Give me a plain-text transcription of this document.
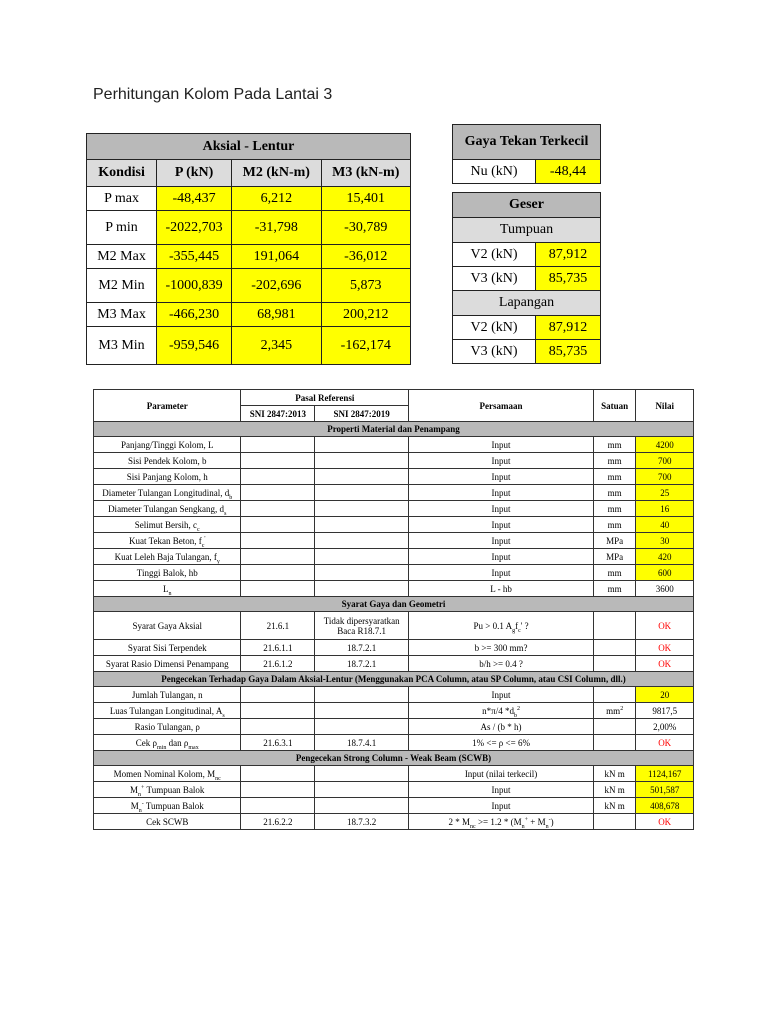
Perhitungan Kolom Pada Lantai 3
Aksial - Lentur			
Kondisi	P (kN)	M2 (kN-m)	M3 (kN-m)
P max	-48,437	6,212	15,401
P min	-2022,703	-31,798	-30,789
M2 Max	-355,445	191,064	-36,012
M2 Min	-1000,839	-202,696	5,873
M3 Max	-466,230	68,981	200,212
M3 Min	-959,546	2,345	-162,174
Gaya Tekan Terkecil
Nu (kN)	-48,44
Geser	
Tumpuan	
V2 (kN)	87,912
V3 (kN)	85,735
Lapangan	
V2 (kN)	87,912
V3 (kN)	85,735
Parameter	Pasal Referensi		Persamaan	Satuan	Nilai
	SNI 2847:2013	SNI 2847:2019			
Properti Material dan Penampang					
Panjang/Tinggi Kolom, L			Input	mm	4200
Sisi Pendek Kolom, b			Input	mm	700
Sisi Panjang Kolom, h			Input	mm	700
Diameter Tulangan Longitudinal, $d_b$			Input	mm	25
Diameter Tulangan Sengkang, $d_s$			Input	mm	16
Selimut Bersih, $c_c$			Input	mm	40
Kuat Tekan Beton, $f_c'$			Input	MPa	30
Kuat Leleh Baja Tulangan, $f_y$			Input	MPa	420
Tinggi Balok, hb			Input	mm	600
$L_n$			L - hb	mm	3600
Syarat Gaya dan Geometri					
Syarat Gaya Aksial	21.6.1	Tidak dipersyaratkan Baca R18.7.1	Pu > 0.1 $A_gf_c'$ ?		OK
Syarat Sisi Terpendek	21.6.1.1	18.7.2.1	b >= 300 mm?		OK
Syarat Rasio Dimensi Penampang	21.6.1.2	18.7.2.1	b/h >= 0.4 ?		OK
Pengecekan Terhadap Gaya Dalam Aksial-Lentur (Menggunakan PCA Column, atau SP Column, atau CSI Column, dll.)					
Jumlah Tulangan, n			Input		20
Luas Tulangan Longitudinal, $A_s$			n*π/4 $*d_b^2$	$mm^2$	9817,5
Rasio Tulangan, ρ			As / (b * h)		2,00%
Cek $\rho_{min}$ dan $\rho_{max}$	21.6.3.1	18.7.4.1	1% <= ρ <= 6%		OK
Pengecekan Strong Column - Weak Beam (SCWB)					
Momen Nominal Kolom, $M_{nc}$			Input (nilai terkecil)	kN m	1124,167
$M_n^+$ Tumpuan Balok			Input	kN m	501,587
$M_n^-$ Tumpuan Balok			Input	kN m	408,678
Cek SCWB	21.6.2.2	18.7.3.2	$2 * M_{nc} >= 1.2 * (M_n^+ + M_n^-)$		OK
